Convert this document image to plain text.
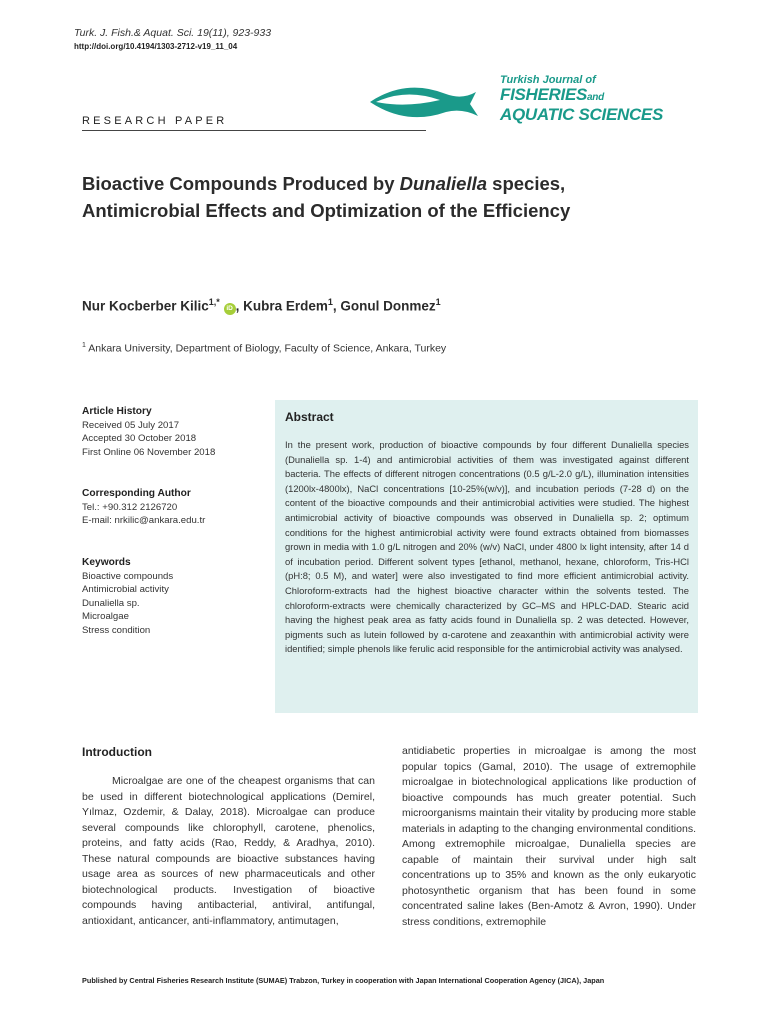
Turk. J. Fish.& Aquat. Sci. 19(11), 923-933
http://doi.org/10.4194/1303-2712-v19_11_04
Turkish Journal of
FISHERIESand
AQUATIC SCIENCES
RESEARCH PAPER
Bioactive Compounds Produced by Dunaliella species,
Antimicrobial Effects and Optimization of the Efficiency
Nur Kocberber Kilic$^{1,*}$ iD , Kubra Erdem$^1$, Gonul Donmez$^1$
$^1$ Ankara University, Department of Biology, Faculty of Science, Ankara, Turkey
Article History
Received 05 July 2017
Accepted 30 October 2018
First Online 06 November 2018
Corresponding Author
Tel.: +90.312 2126720
E-mail: nrkilic@ankara.edu.tr
Keywords
Bioactive compounds
Antimicrobial activity
Dunaliella sp.
Microalgae
Stress condition
Abstract
In the present work, production of bioactive compounds by four different Dunaliella species (Dunaliella sp. 1-4) and antimicrobial activities of them was investigated against different bacteria. The effects of different nitrogen concentrations (0.5 g/L-2.0 g/L), illumination intensities (1200lx-4800lx), NaCl concentrations [10-25%(w/v)], and incubation periods (7-28 d) on the content of the bioactive compounds and their antimicrobial activities were studied. The highest antimicrobial activity of bioactive compounds was observed in Dunaliella sp. 2; optimum conditions for the highest antimicrobial activity were found extracts obtained from biomasses grown in media with 1.0 g/L nitrogen and 20% (w/v) NaCl, under 4800 lx light intensity, after 14 d of incubation period. Different solvent types [ethanol, methanol, hexane, chloroform, Tris-HCl (pH:8; 0.5 M), and water] were also investigated to find more efficient antimicrobial activity. Chloroform-extracts had the highest bioactive character within the solvents tested. The chloroform-extracts were chemically characterized by GC–MS and HPLC-DAD. Stearic acid having the highest peak area as fatty acids found in Dunaliella sp. 2 was detected. However, pigments such as lutein followed by α-carotene and zeaxanthin with antimicrobial activity were identified; simple phenols like ferulic acid responsible for the antimicrobial activity was analysed.
Introduction
Microalgae are one of the cheapest organisms that can be used in different biotechnological applications (Demirel, Yılmaz, Ozdemir, & Dalay, 2018). Microalgae can produce several compounds like chlorophyll, carotene, phenolics, proteins, and fatty acids (Rao, Reddy, & Aradhya, 2010). These natural compounds are bioactive substances having usage area as sources of new pharmaceuticals and other biotechnological products. Investigation of bioactive compounds having antibacterial, antiviral, antifungal, antioxidant, anticancer, anti-inflammatory, antimutagen,
antidiabetic properties in microalgae is among the most popular topics (Gamal, 2010). The usage of extremophile microalgae in biotechnological applications like production of bioactive compounds has much greater potential. Such microorganisms maintain their vitality by producing more stable materials in adapting to the changing environmental conditions. Among extremophile microalgae, Dunaliella species are capable of maintain their survival under high salt concentrations up to 35% and known as the only eukaryotic photosynthetic organism that has been found in some concentrated saline lakes (Ben-Amotz & Avron, 1990). Under stress conditions, extremophile
Published by Central Fisheries Research Institute (SUMAE) Trabzon, Turkey in cooperation with Japan International Cooperation Agency (JICA), Japan
